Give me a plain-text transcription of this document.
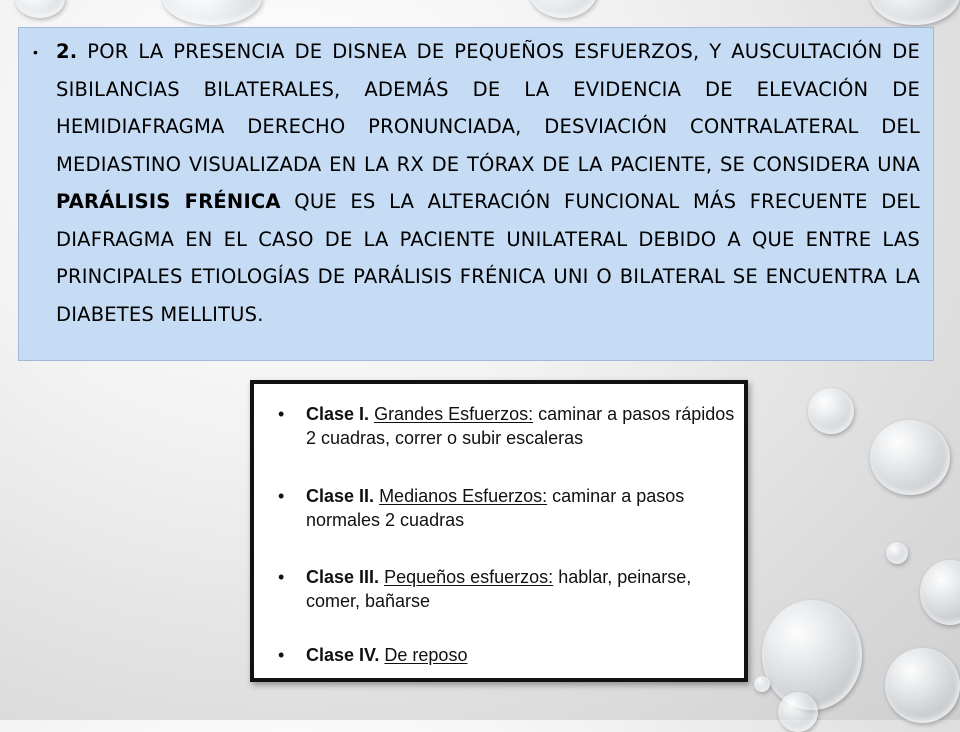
• 2. POR LA PRESENCIA DE DISNEA DE PEQUEÑOS ESFUERZOS, Y AUSCULTACIÓN DE SIBILANCIAS BILATERALES, ADEMÁS DE LA EVIDENCIA DE ELEVACIÓN DE HEMIDIAFRAGMA DERECHO PRONUNCIADA, DESVIACIÓN CONTRALATERAL DEL MEDIASTINO VISUALIZADA EN LA RX DE TÓRAX DE LA PACIENTE, SE CONSIDERA UNA PARÁLISIS FRÉNICA QUE ES LA ALTERACIÓN FUNCIONAL MÁS FRECUENTE DEL DIAFRAGMA EN EL CASO DE LA PACIENTE UNILATERAL DEBIDO A QUE ENTRE LAS PRINCIPALES ETIOLOGÍAS DE PARÁLISIS FRÉNICA UNI O BILATERAL SE ENCUENTRA LA DIABETES MELLITUS.
• Clase I. Grandes Esfuerzos: caminar a pasos rápidos 2 cuadras, correr o subir escaleras
• Clase II. Medianos Esfuerzos: caminar a pasos normales 2 cuadras
• Clase III. Pequeños esfuerzos: hablar, peinarse, comer, bañarse
• Clase IV. De reposo
